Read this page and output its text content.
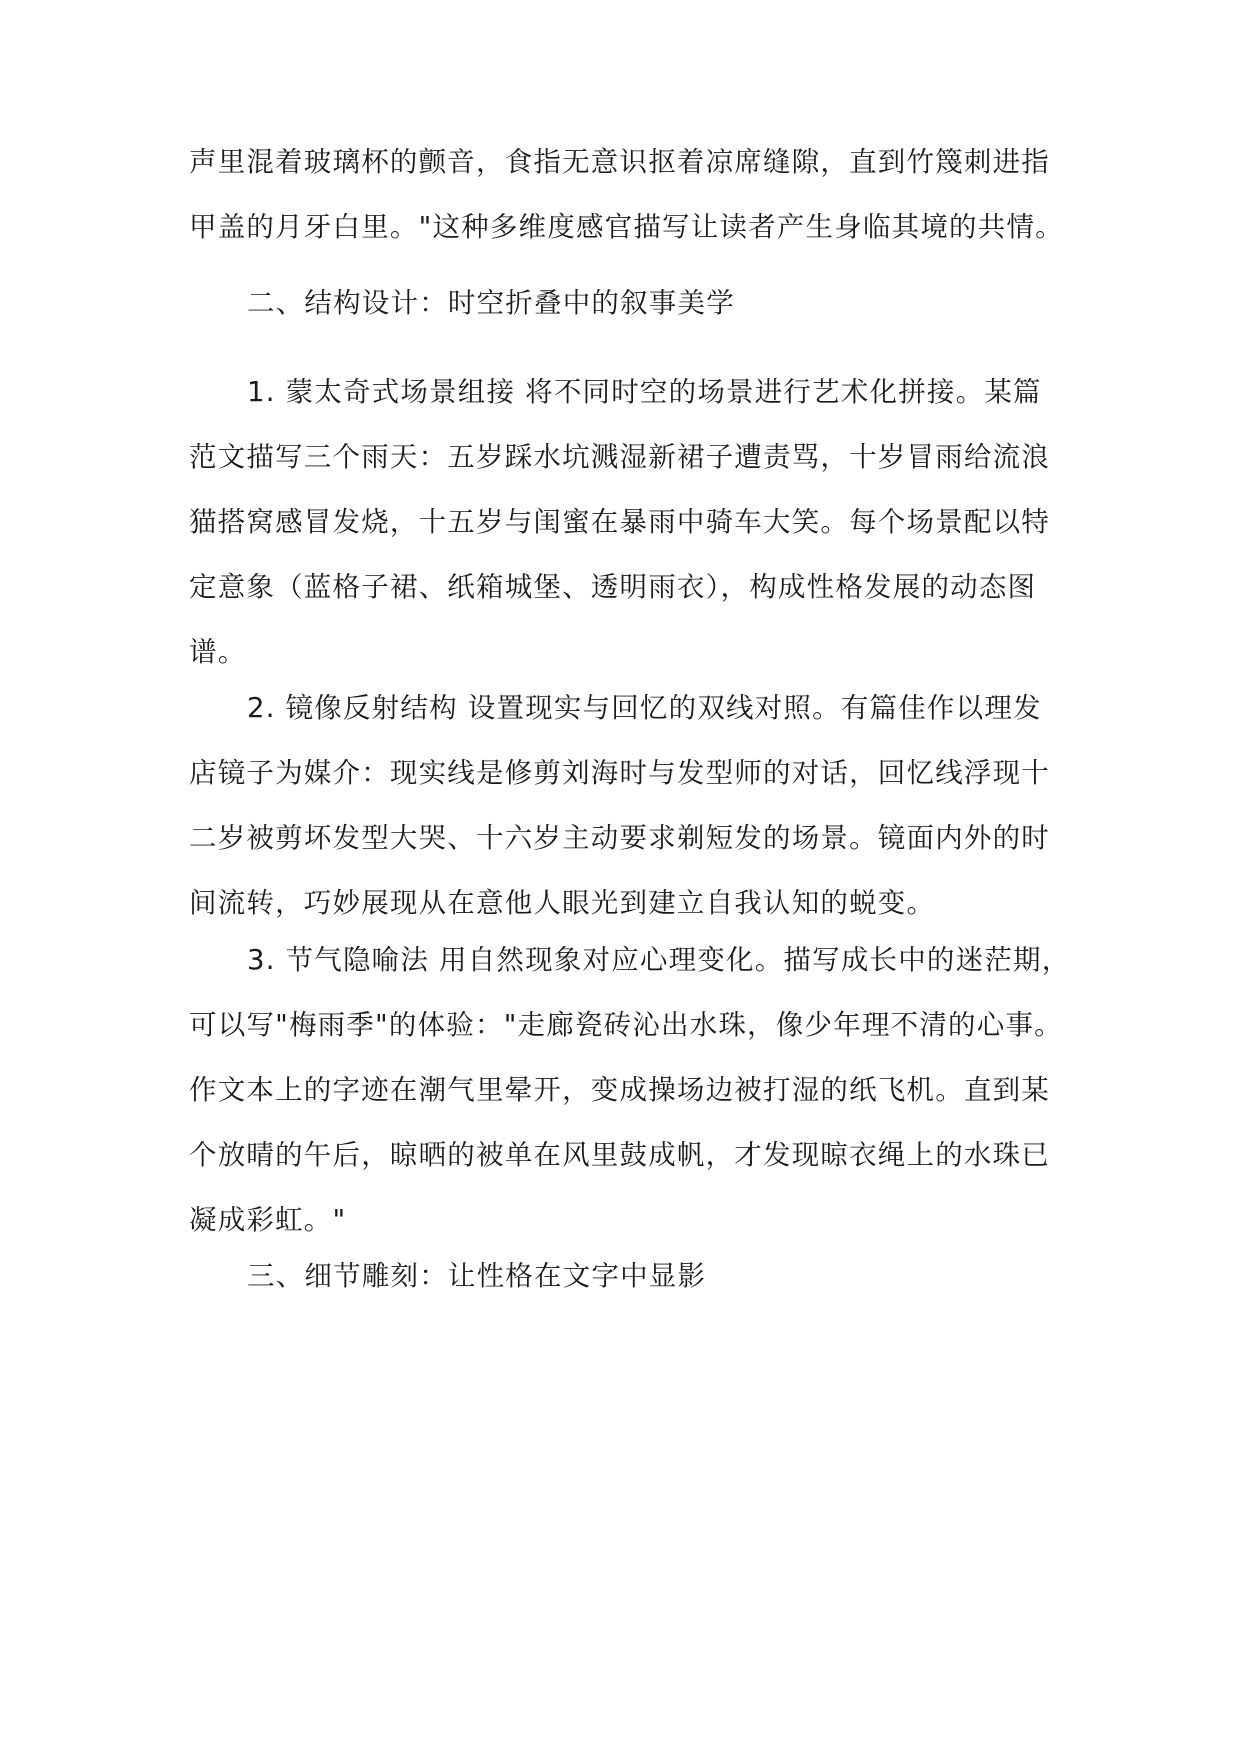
声里混着玻璃杯的颤音，食指无意识抠着凉席缝隙，直到竹篾刺进指
甲盖的月牙白里。"这种多维度感官描写让读者产生身临其境的共情。
二、结构设计：时空折叠中的叙事美学
1. 蒙太奇式场景组接 将不同时空的场景进行艺术化拼接。某篇
范文描写三个雨天：五岁踩水坑溅湿新裙子遭责骂，十岁冒雨给流浪
猫搭窝感冒发烧，十五岁与闺蜜在暴雨中骑车大笑。每个场景配以特
定意象（蓝格子裙、纸箱城堡、透明雨衣），构成性格发展的动态图
谱。
2. 镜像反射结构 设置现实与回忆的双线对照。有篇佳作以理发
店镜子为媒介：现实线是修剪刘海时与发型师的对话，回忆线浮现十
二岁被剪坏发型大哭、十六岁主动要求剃短发的场景。镜面内外的时
间流转，巧妙展现从在意他人眼光到建立自我认知的蜕变。
3. 节气隐喻法 用自然现象对应心理变化。描写成长中的迷茫期，
可以写"梅雨季"的体验："走廊瓷砖沁出水珠，像少年理不清的心事。
作文本上的字迹在潮气里晕开，变成操场边被打湿的纸飞机。直到某
个放晴的午后，晾晒的被单在风里鼓成帆，才发现晾衣绳上的水珠已
凝成彩虹。"
三、细节雕刻：让性格在文字中显影
